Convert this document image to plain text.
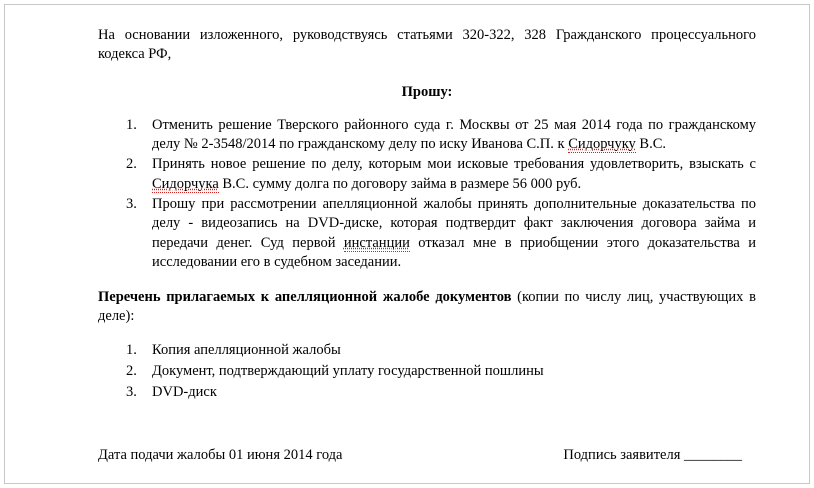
На основании изложенного, руководствуясь статьями 320-322, 328 Гражданского процессуального кодекса РФ,

Прошу:

Отменить решение Тверского районного суда г. Москвы от 25 мая 2014 года по гражданскому делу № 2-3548/2014 по гражданскому делу по иску Иванова С.П. к Сидорчуку В.С.
Принять новое решение по делу, которым мои исковые требования удовлетворить, взыскать с Сидорчука В.С. сумму долга по договору займа в размере 56 000 руб.
Прошу при рассмотрении апелляционной жалобы принять дополнительные доказательства по делу - видеозапись на DVD-диске, которая подтвердит факт заключения договора займа и передачи денег. Суд первой инстанции отказал мне в приобщении этого доказательства и исследовании его в судебном заседании.

Перечень прилагаемых к апелляционной жалобе документов (копии по числу лиц, участвующих в деле):

Копия апелляционной жалобы
Документ, подтверждающий уплату государственной пошлины
DVD-диск
Дата подачи жалобы 01 июня 2014 года	Подпись заявителя ________
